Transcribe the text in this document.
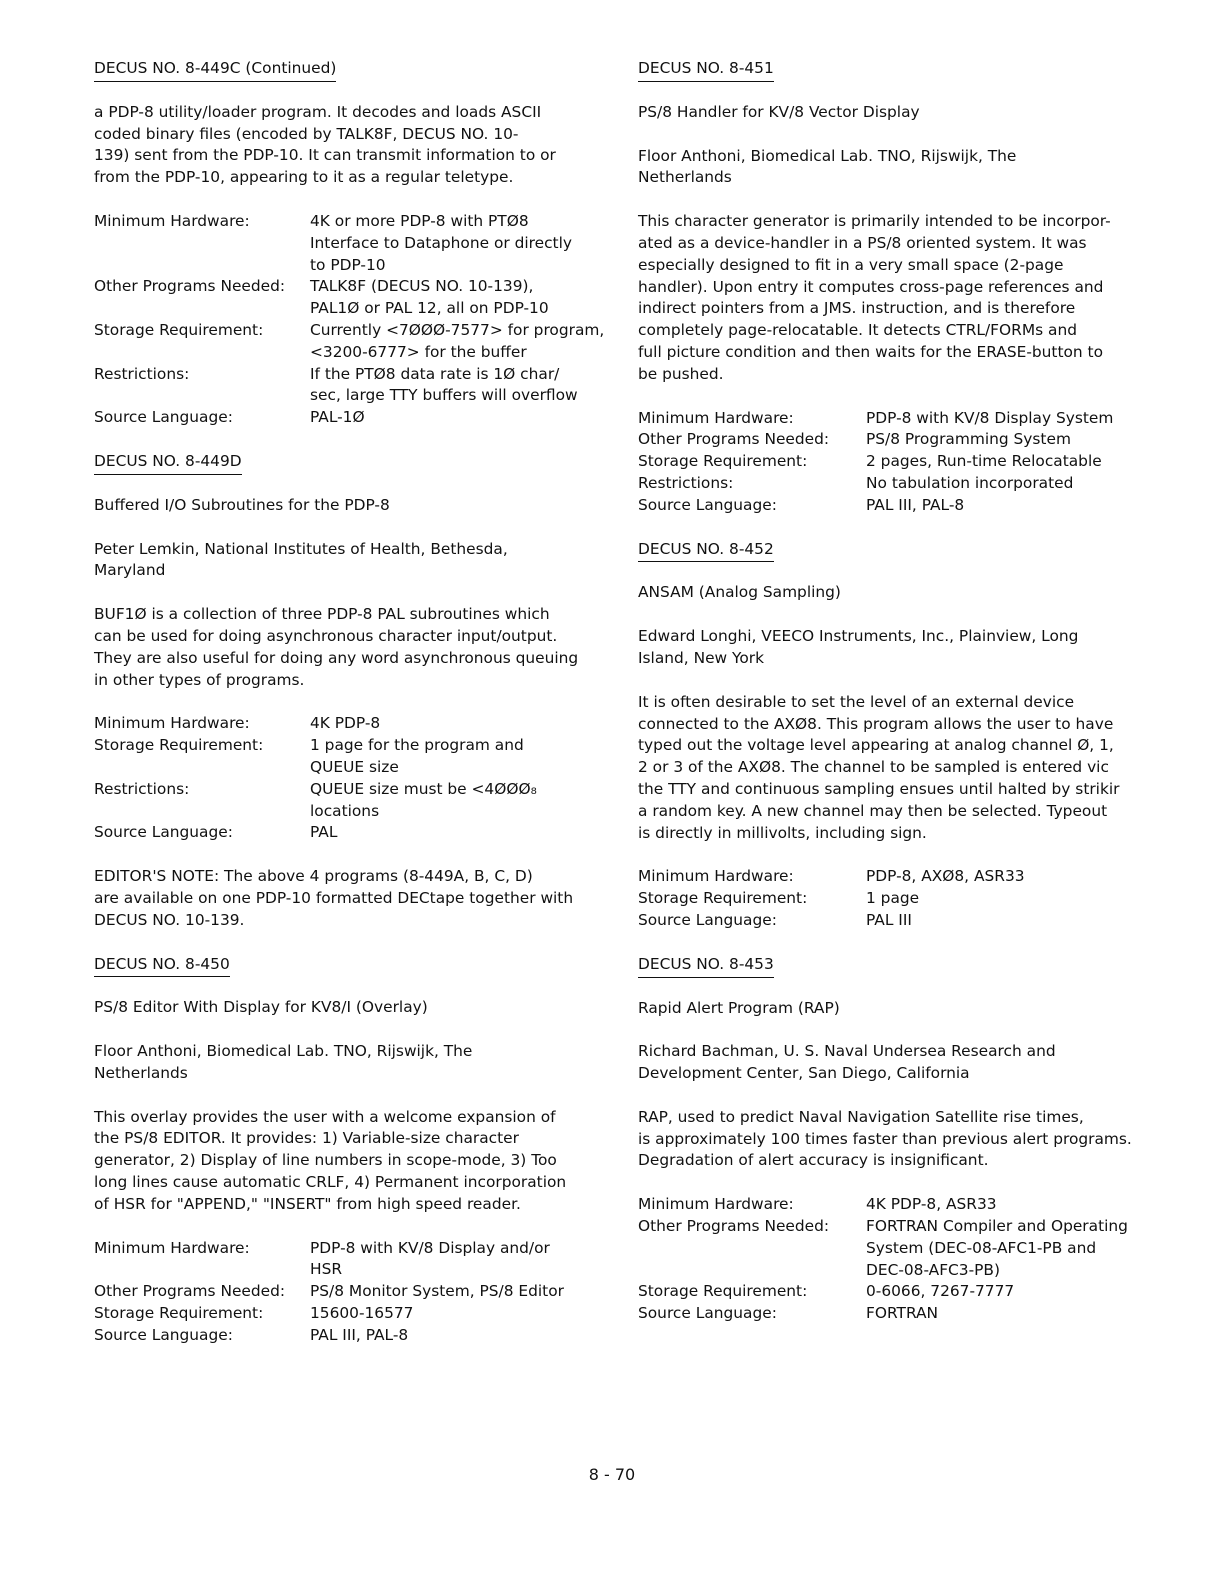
DECUS NO. 8-449C (Continued)
a PDP-8 utility/loader program. It decodes and loads ASCII
coded binary files (encoded by TALK8F, DECUS NO. 10-
139) sent from the PDP-10. It can transmit information to or
from the PDP-10, appearing to it as a regular teletype.
Minimum Hardware:	4K or more PDP-8 with PTØ8
Interface to Dataphone or directly
to PDP-10
Other Programs Needed:	TALK8F (DECUS NO. 10-139),
PAL1Ø or PAL 12, all on PDP-10
Storage Requirement:	Currently <7ØØØ-7577> for program,
<3200-6777> for the buffer
Restrictions:	If the PTØ8 data rate is 1Ø char/
sec, large TTY buffers will overflow
Source Language:	PAL-1Ø
DECUS NO. 8-449D
Buffered I/O Subroutines for the PDP-8
Peter Lemkin, National Institutes of Health, Bethesda,
Maryland
BUF1Ø is a collection of three PDP-8 PAL subroutines which
can be used for doing asynchronous character input/output.
They are also useful for doing any word asynchronous queuing
in other types of programs.
Minimum Hardware:	4K PDP-8
Storage Requirement:	1 page for the program and
QUEUE size
Restrictions:	QUEUE size must be <4ØØØ₈
locations
Source Language:	PAL
EDITOR'S NOTE: The above 4 programs (8-449A, B, C, D)
are available on one PDP-10 formatted DECtape together with
DECUS NO. 10-139.
DECUS NO. 8-450
PS/8 Editor With Display for KV8/I (Overlay)
Floor Anthoni, Biomedical Lab. TNO, Rijswijk, The
Netherlands
This overlay provides the user with a welcome expansion of
the PS/8 EDITOR. It provides: 1) Variable-size character
generator, 2) Display of line numbers in scope-mode, 3) Too
long lines cause automatic CRLF, 4) Permanent incorporation
of HSR for "APPEND," "INSERT" from high speed reader.
Minimum Hardware:	PDP-8 with KV/8 Display and/or
HSR
Other Programs Needed:	PS/8 Monitor System, PS/8 Editor
Storage Requirement:	15600-16577
Source Language:	PAL III, PAL-8
DECUS NO. 8-451
PS/8 Handler for KV/8 Vector Display
Floor Anthoni, Biomedical Lab. TNO, Rijswijk, The
Netherlands
This character generator is primarily intended to be incorpor-
ated as a device-handler in a PS/8 oriented system. It was
especially designed to fit in a very small space (2-page
handler). Upon entry it computes cross-page references and
indirect pointers from a JMS. instruction, and is therefore
completely page-relocatable. It detects CTRL/FORMs and
full picture condition and then waits for the ERASE-button to
be pushed.
Minimum Hardware:	PDP-8 with KV/8 Display System
Other Programs Needed:	PS/8 Programming System
Storage Requirement:	2 pages, Run-time Relocatable
Restrictions:	No tabulation incorporated
Source Language:	PAL III, PAL-8
DECUS NO. 8-452
ANSAM (Analog Sampling)
Edward Longhi, VEECO Instruments, Inc., Plainview, Long
Island, New York
It is often desirable to set the level of an external device
connected to the AXØ8. This program allows the user to have
typed out the voltage level appearing at analog channel Ø, 1,
2 or 3 of the AXØ8. The channel to be sampled is entered vic
the TTY and continuous sampling ensues until halted by strikir
a random key. A new channel may then be selected. Typeout
is directly in millivolts, including sign.
Minimum Hardware:	PDP-8, AXØ8, ASR33
Storage Requirement:	1 page
Source Language:	PAL III
DECUS NO. 8-453
Rapid Alert Program (RAP)
Richard Bachman, U. S. Naval Undersea Research and
Development Center, San Diego, California
RAP, used to predict Naval Navigation Satellite rise times,
is approximately 100 times faster than previous alert programs.
Degradation of alert accuracy is insignificant.
Minimum Hardware:	4K PDP-8, ASR33
Other Programs Needed:	FORTRAN Compiler and Operating
System (DEC-08-AFC1-PB and
DEC-08-AFC3-PB)
Storage Requirement:	0-6066, 7267-7777
Source Language:	FORTRAN
8 - 70
